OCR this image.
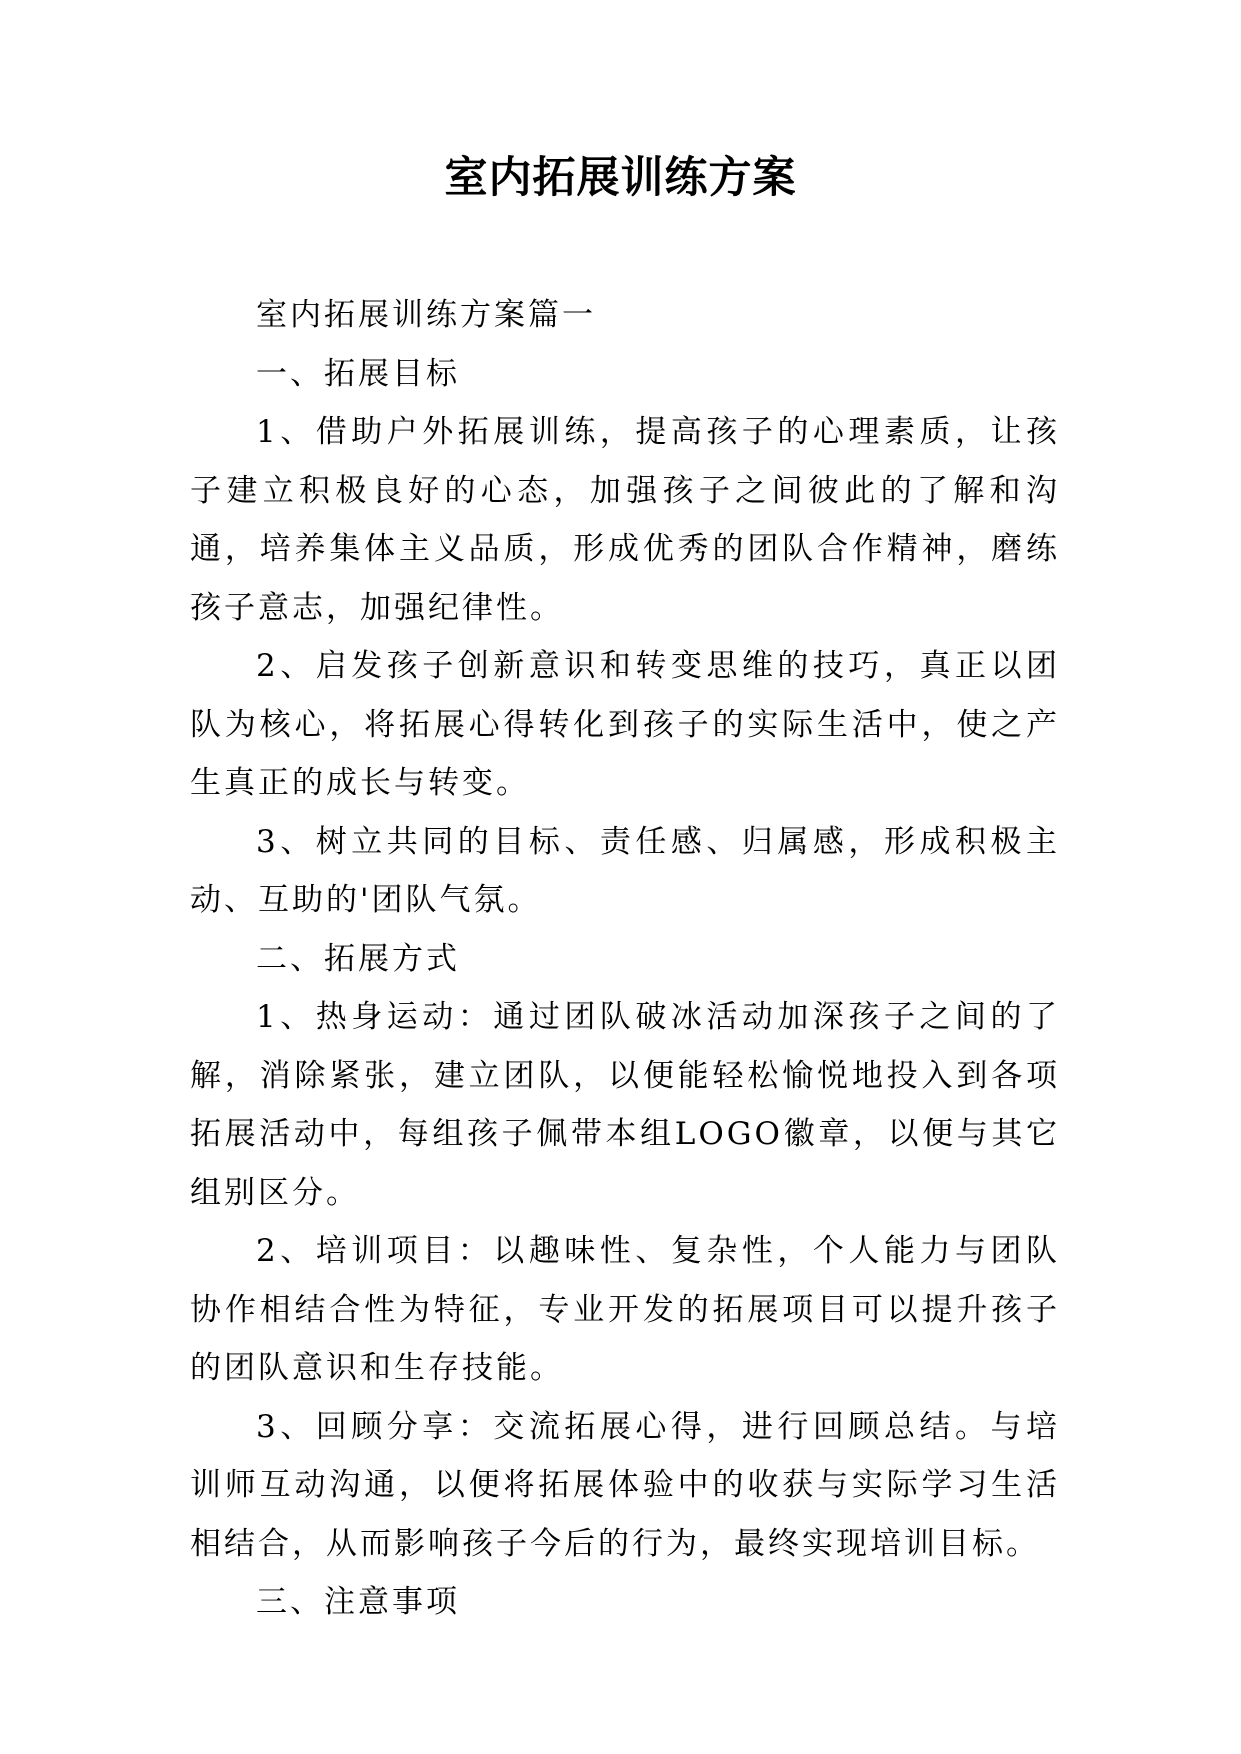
室内拓展训练方案

室内拓展训练方案篇一

一、拓展目标

1、借助户外拓展训练，提高孩子的心理素质，让孩子建立积极良好的心态，加强孩子之间彼此的了解和沟通，培养集体主义品质，形成优秀的团队合作精神，磨练孩子意志，加强纪律性。

2、启发孩子创新意识和转变思维的技巧，真正以团队为核心，将拓展心得转化到孩子的实际生活中，使之产生真正的成长与转变。

3、树立共同的目标、责任感、归属感，形成积极主动、互助的'团队气氛。

二、拓展方式

1、热身运动：通过团队破冰活动加深孩子之间的了解，消除紧张，建立团队，以便能轻松愉悦地投入到各项拓展活动中，每组孩子佩带本组LOGO徽章，以便与其它组别区分。

2、培训项目：以趣味性、复杂性，个人能力与团队协作相结合性为特征，专业开发的拓展项目可以提升孩子的团队意识和生存技能。

3、回顾分享：交流拓展心得，进行回顾总结。与培训师互动沟通，以便将拓展体验中的收获与实际学习生活相结合，从而影响孩子今后的行为，最终实现培训目标。

三、注意事项
